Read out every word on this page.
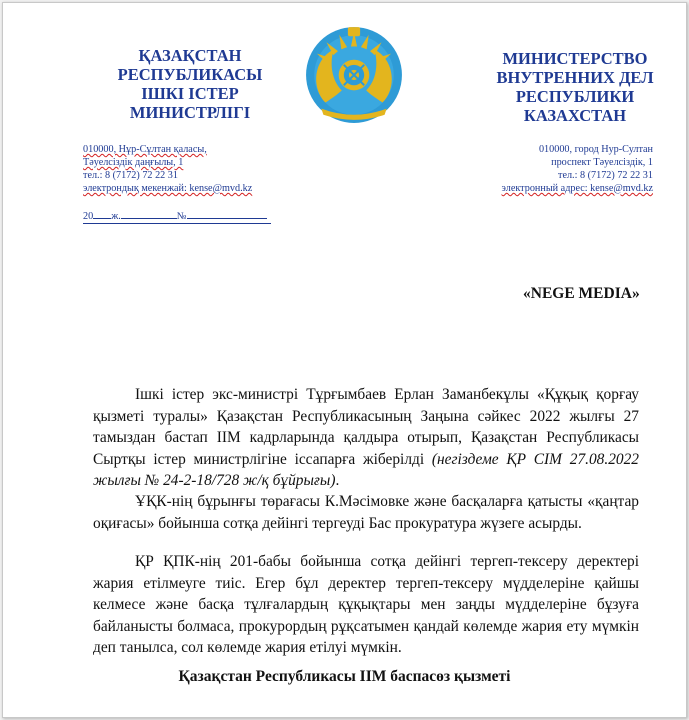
ҚАЗАҚСТАН
РЕСПУБЛИКАСЫ
ІШКІ ІСТЕР
МИНИСТРЛІГІ
МИНИСТЕРСТВО
ВНУТРЕННИХ ДЕЛ
РЕСПУБЛИКИ
КАЗАХСТАН
010000, Нұр-Сұлтан қаласы,
Тәуелсіздік даңғылы, 1
тел.: 8 (7172) 72 22 31
электрондық мекенжай: kense@mvd.kz
010000, город Нур-Султан
проспект Тәуелсіздік, 1
тел.: 8 (7172) 72 22 31
электронный адрес: kense@mvd.kz
20 ж.	№
«NEGE MEDIA»

Ішкі істер экс-министрі Тұрғымбаев Ерлан Заманбекұлы «Құқық қорғау қызметі туралы» Қазақстан Республикасының Заңына сәйкес 2022 жылғы 27 тамыздан бастап ІІМ кадрларында қалдыра отырып, Қазақстан Республикасы Сыртқы істер министрлігіне іссапарға жіберілді (негіздеме ҚР СІМ 27.08.2022 жылғы № 24-2-18/728 ж/қ бұйрығы).

ҰҚК-нің бұрынғы төрағасы К.Мәсімовке және басқаларға қатысты «қаңтар оқиғасы» бойынша сотқа дейінгі тергеуді Бас прокуратура жүзеге асырды.

ҚР ҚПК-нің 201-бабы бойынша сотқа дейінгі тергеп-тексеру деректері жария етілмеуге тиіс. Егер бұл деректер тергеп-тексеру мүдделеріне қайшы келмесе және басқа тұлғалардың құқықтары мен заңды мүдделеріне бұзуға байланысты болмаса, прокурордың рұқсатымен қандай көлемде жария ету мүмкін деп танылса, сол көлемде жария етілуі мүмкін.

Қазақстан Республикасы ІІМ баспасөз қызметі
